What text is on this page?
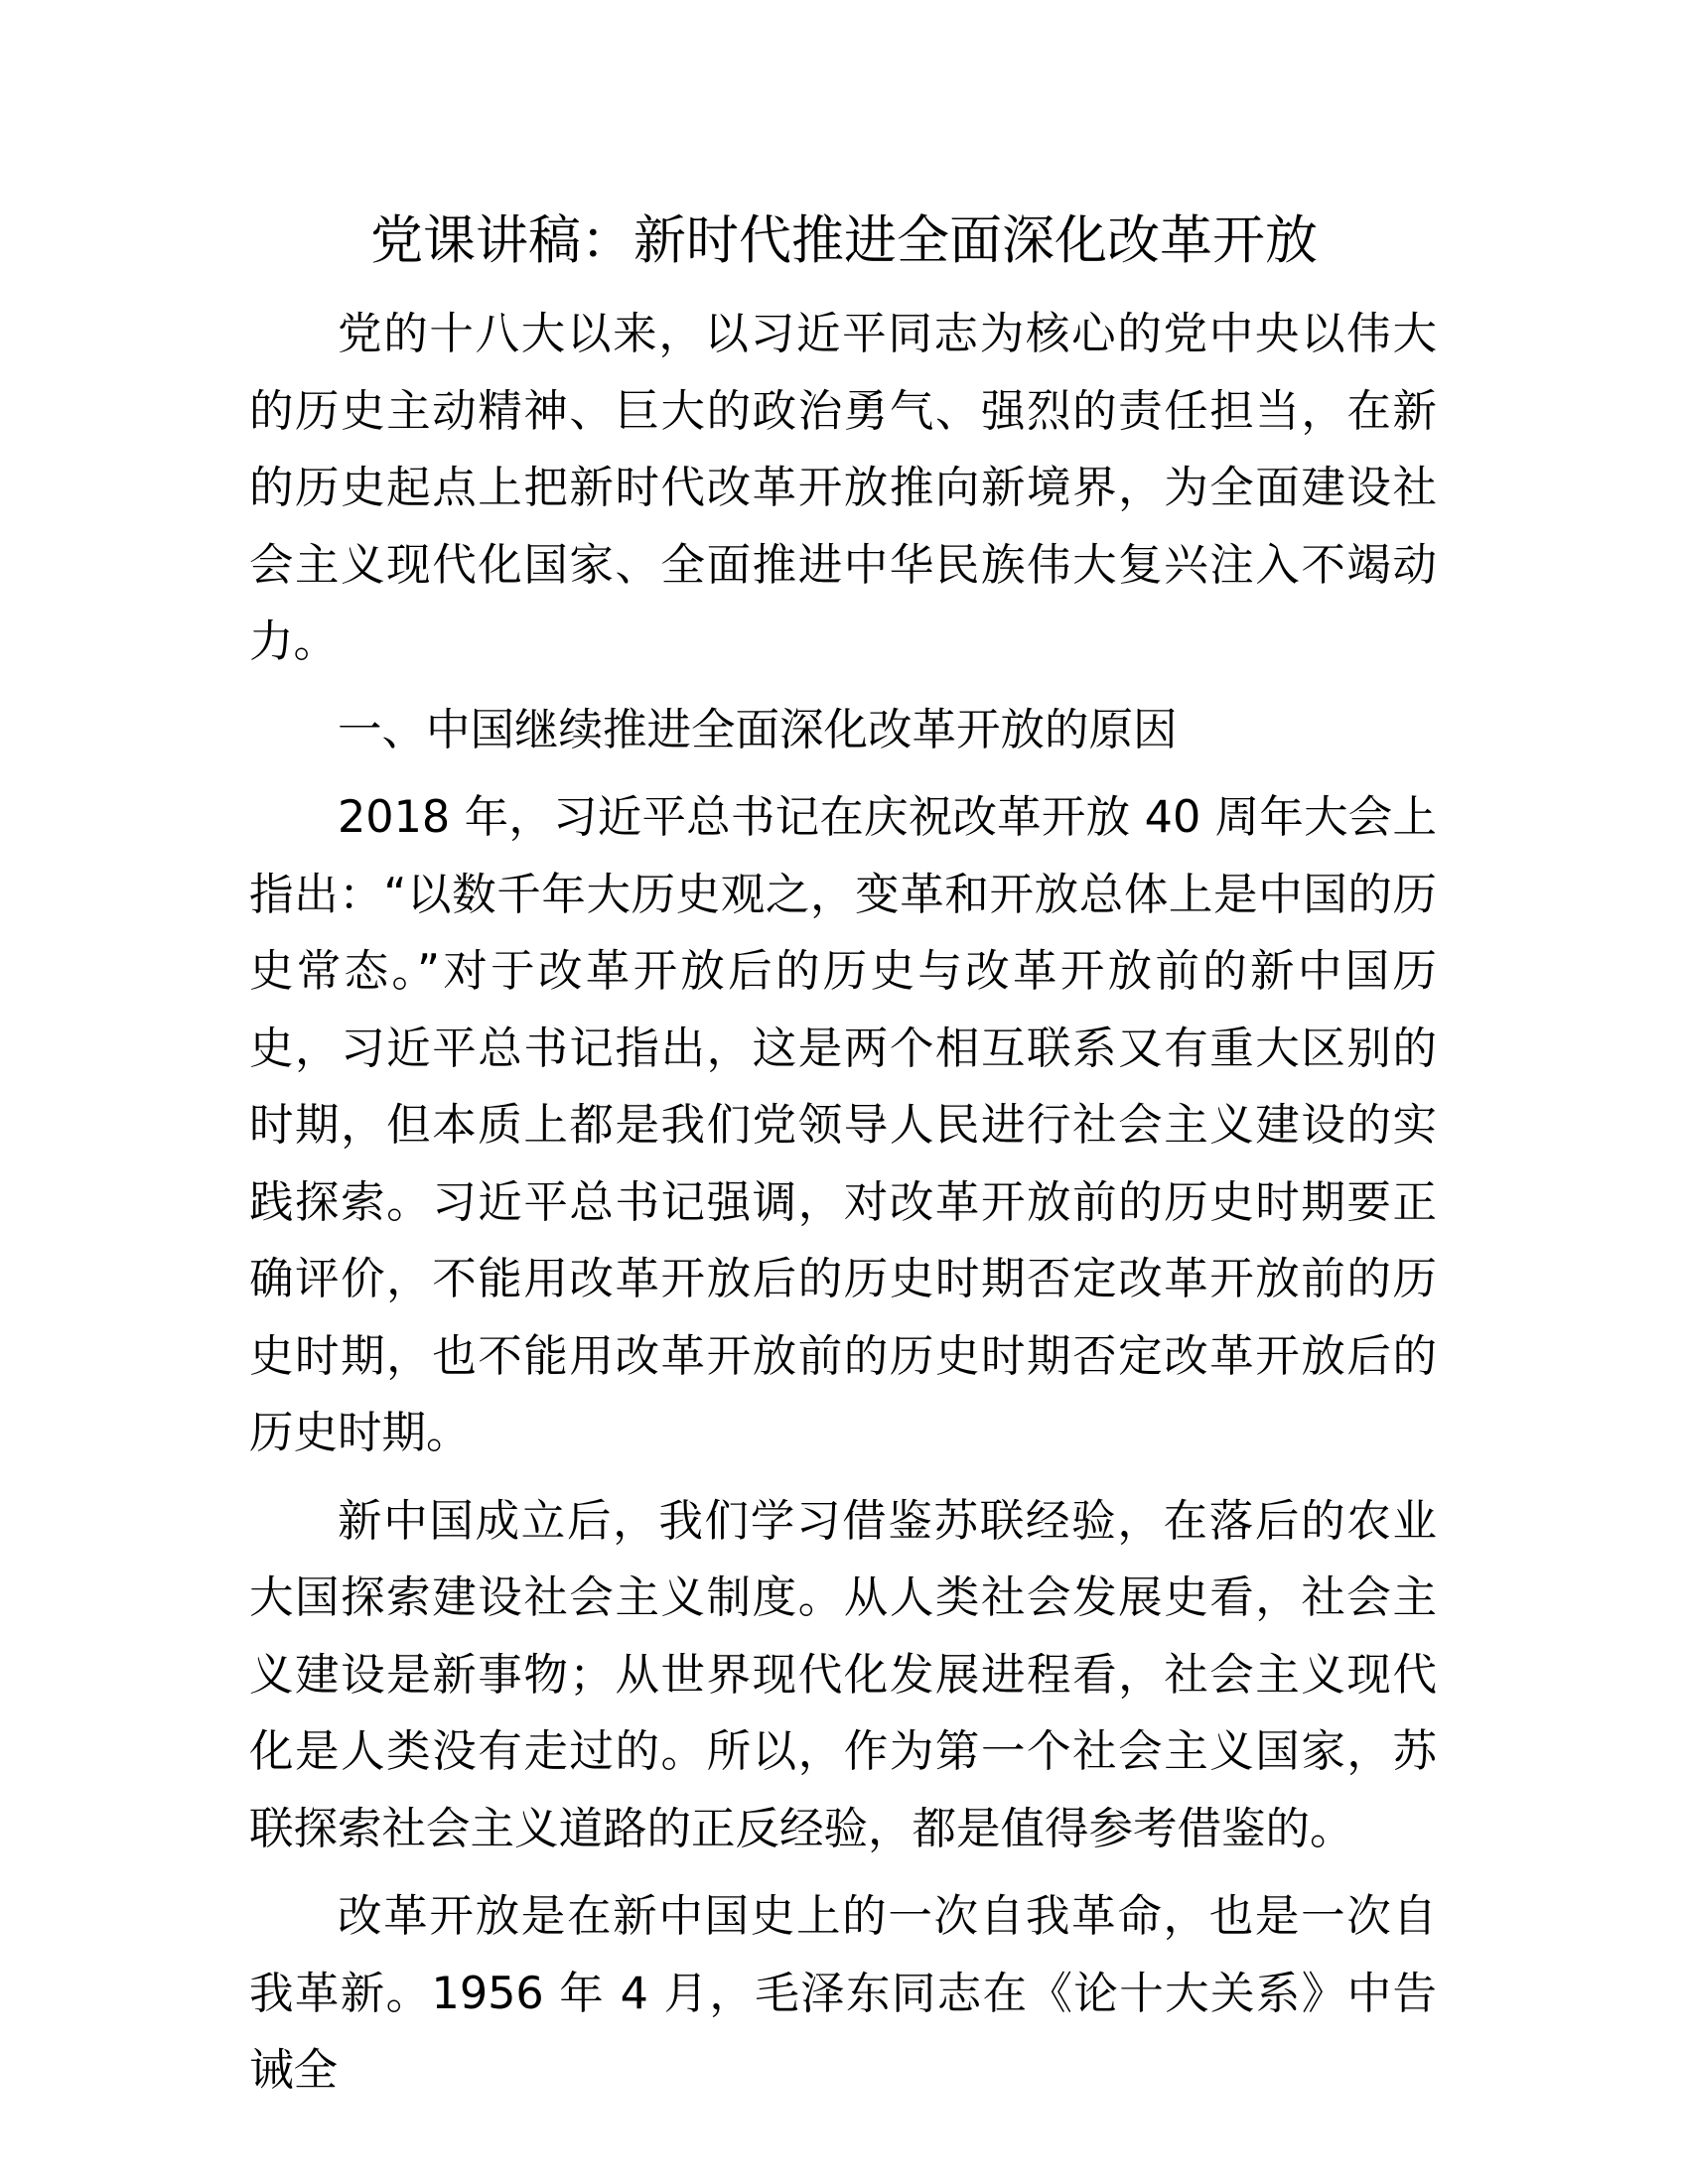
党课讲稿：新时代推进全面深化改革开放

党的十八大以来，以习近平同志为核心的党中央以伟大的历史主动精神、巨大的政治勇气、强烈的责任担当，在新的历史起点上把新时代改革开放推向新境界，为全面建设社会主义现代化国家、全面推进中华民族伟大复兴注入不竭动力。

一、中国继续推进全面深化改革开放的原因

2018 年，习近平总书记在庆祝改革开放 40 周年大会上指出：“以数千年大历史观之，变革和开放总体上是中国的历史常态。”对于改革开放后的历史与改革开放前的新中国历史，习近平总书记指出，这是两个相互联系又有重大区别的时期，但本质上都是我们党领导人民进行社会主义建设的实践探索。习近平总书记强调，对改革开放前的历史时期要正确评价，不能用改革开放后的历史时期否定改革开放前的历史时期，也不能用改革开放前的历史时期否定改革开放后的历史时期。

新中国成立后，我们学习借鉴苏联经验，在落后的农业大国探索建设社会主义制度。从人类社会发展史看，社会主义建设是新事物；从世界现代化发展进程看，社会主义现代化是人类没有走过的。所以，作为第一个社会主义国家，苏联探索社会主义道路的正反经验，都是值得参考借鉴的。

改革开放是在新中国史上的一次自我革命，也是一次自我革新。1956 年 4 月，毛泽东同志在《论十大关系》中告诫全
